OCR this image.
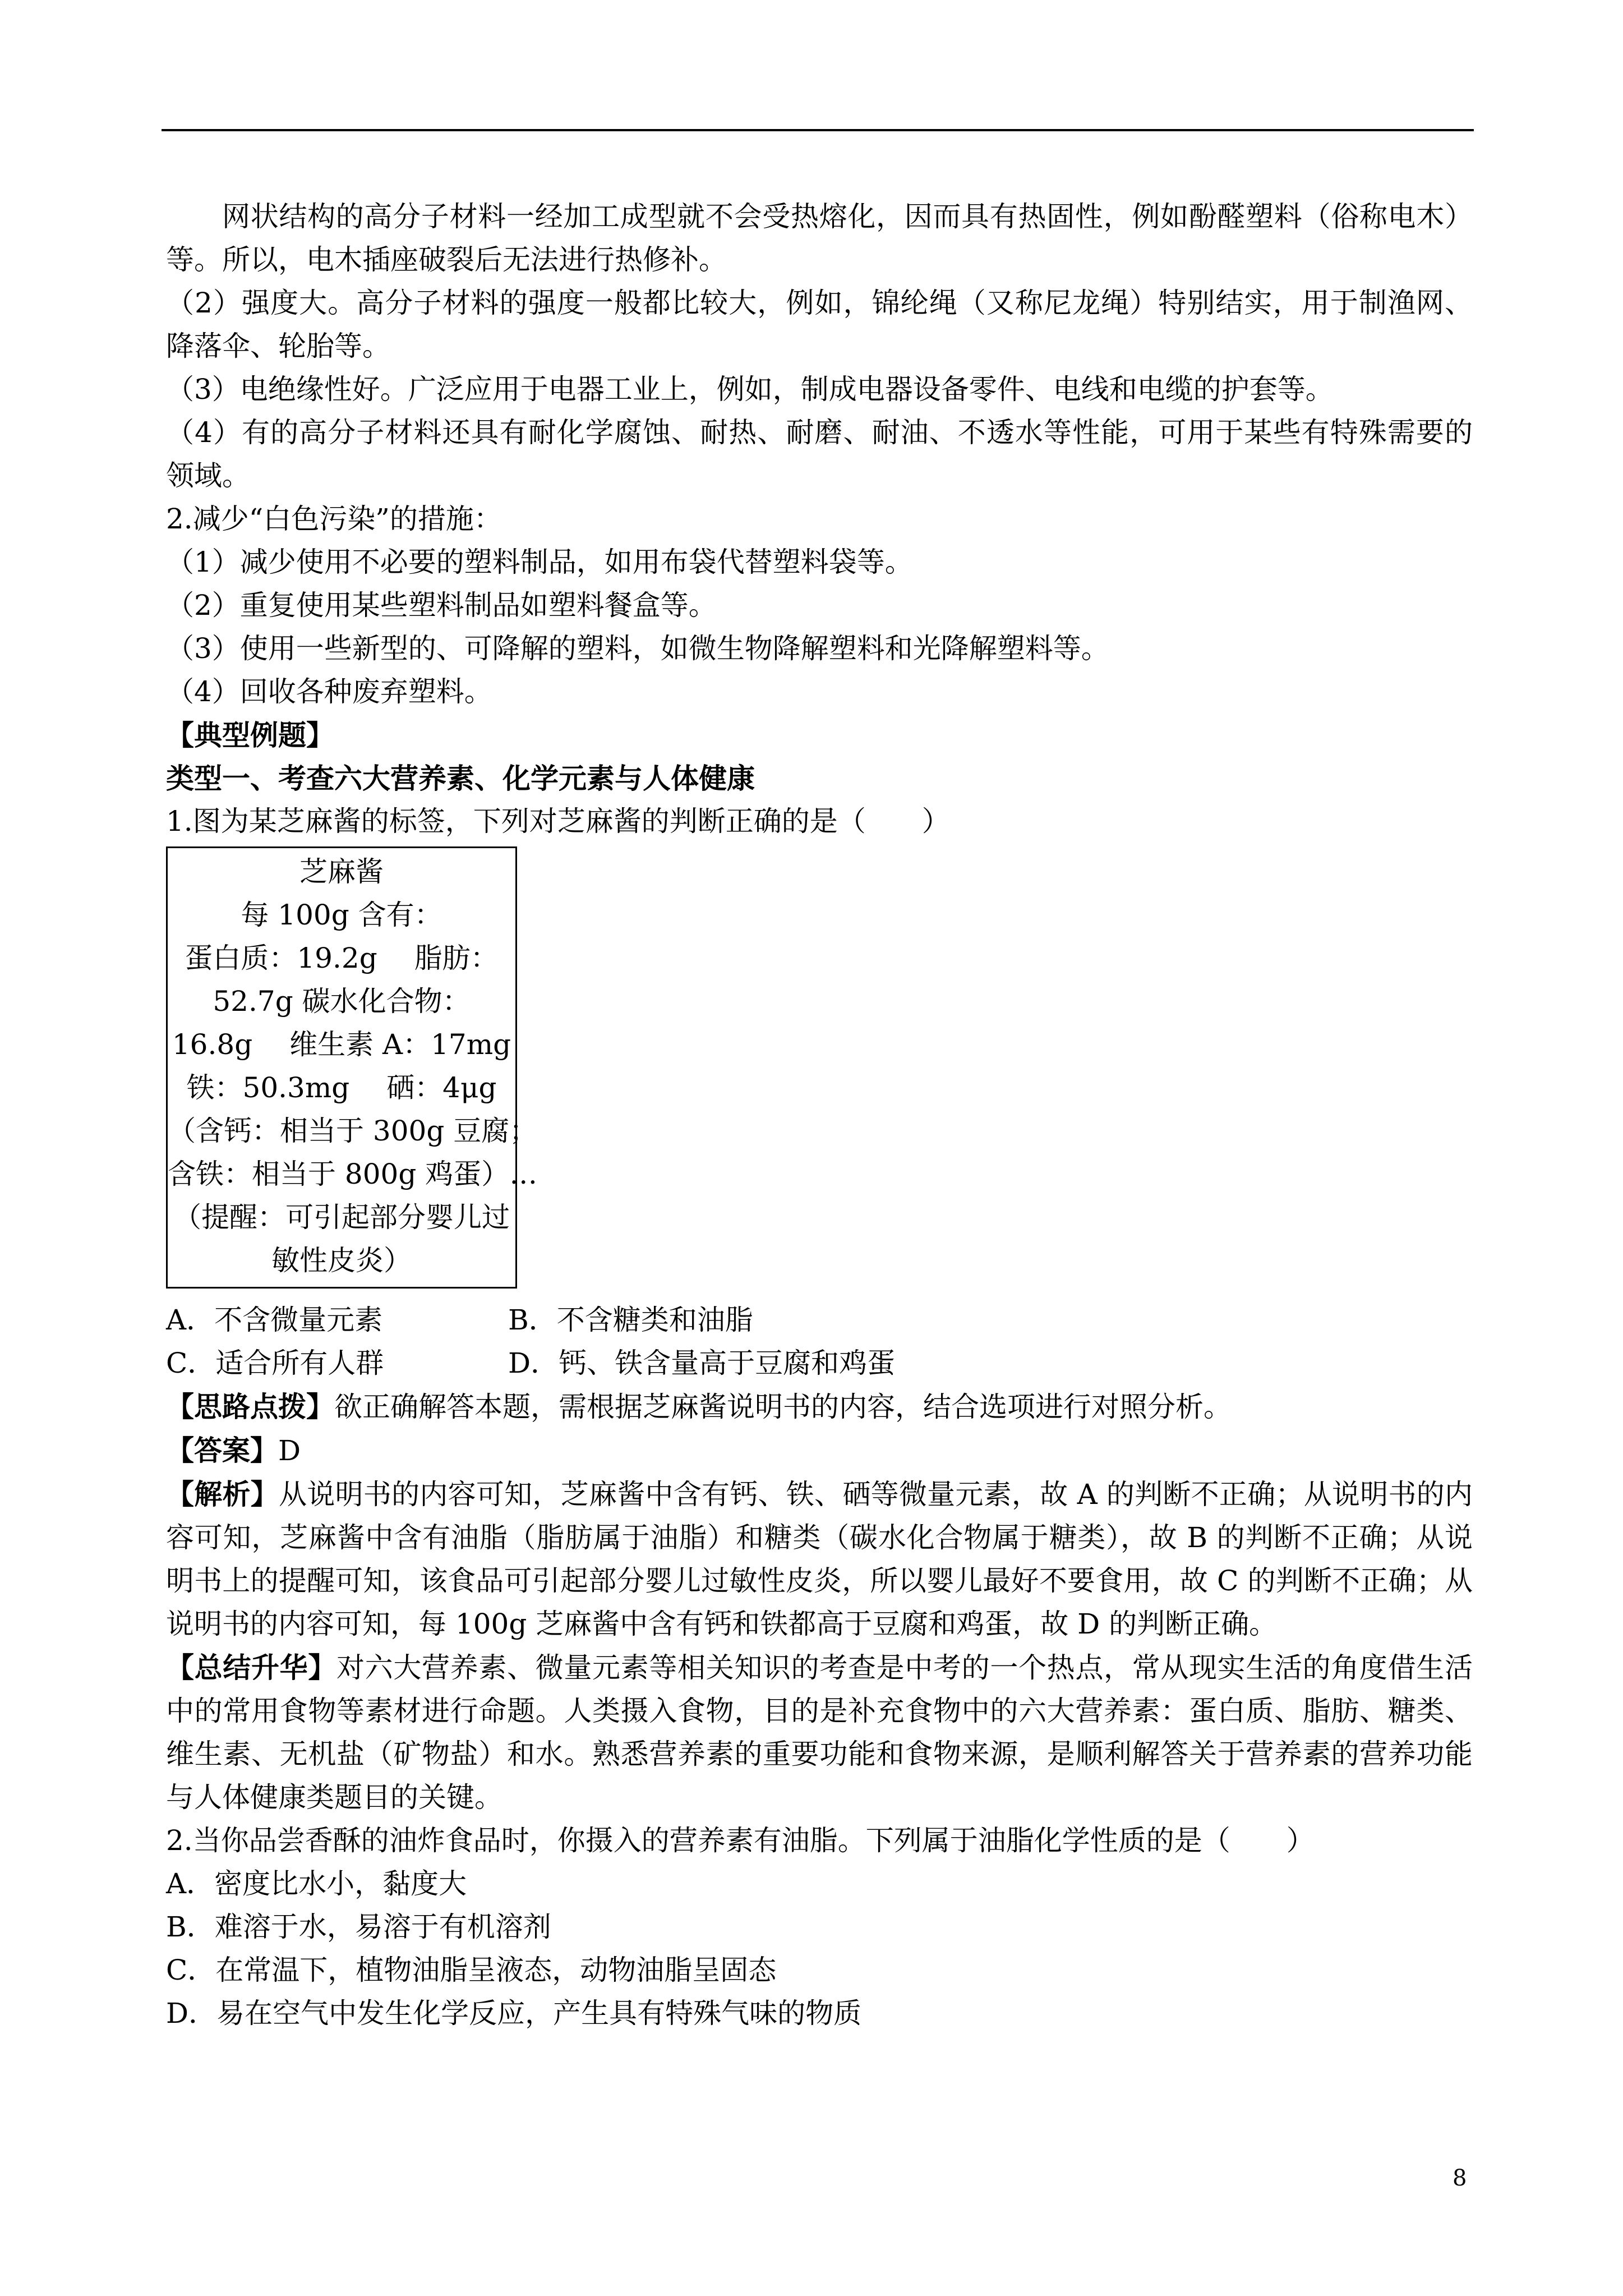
网状结构的高分子材料一经加工成型就不会受热熔化，因而具有热固性，例如酚醛塑料（俗称电木）等。所以，电木插座破裂后无法进行热修补。

（2）强度大。高分子材料的强度一般都比较大，例如，锦纶绳（又称尼龙绳）特别结实，用于制渔网、降落伞、轮胎等。

（3）电绝缘性好。广泛应用于电器工业上，例如，制成电器设备零件、电线和电缆的护套等。

（4）有的高分子材料还具有耐化学腐蚀、耐热、耐磨、耐油、不透水等性能，可用于某些有特殊需要的领域。

2.减少“白色污染”的措施：

（1）减少使用不必要的塑料制品，如用布袋代替塑料袋等。

（2）重复使用某些塑料制品如塑料餐盒等。

（3）使用一些新型的、可降解的塑料，如微生物降解塑料和光降解塑料等。

（4）回收各种废弃塑料。

【典型例题】

类型一、考查六大营养素、化学元素与人体健康

1.图为某芝麻酱的标签，下列对芝麻酱的判断正确的是（　　）

芝麻酱
每 100g 含有：
蛋白质：19.2g　 脂肪：
52.7g 碳水化合物：
16.8g　 维生素 A：17mg
铁：50.3mg　 硒：4μg
（含钙：相当于 300g 豆腐；
含铁：相当于 800g 鸡蛋）…
（提醒：可引起部分婴儿过
敏性皮炎）
A．不含微量元素	B．不含糖类和油脂
C．适合所有人群	D．钙、铁含量高于豆腐和鸡蛋

【思路点拨】欲正确解答本题，需根据芝麻酱说明书的内容，结合选项进行对照分析。

【答案】D

【解析】从说明书的内容可知，芝麻酱中含有钙、铁、硒等微量元素，故 A 的判断不正确；从说明书的内容可知，芝麻酱中含有油脂（脂肪属于油脂）和糖类（碳水化合物属于糖类），故 B 的判断不正确；从说明书上的提醒可知，该食品可引起部分婴儿过敏性皮炎，所以婴儿最好不要食用，故 C 的判断不正确；从说明书的内容可知，每 100g 芝麻酱中含有钙和铁都高于豆腐和鸡蛋，故 D 的判断正确。

【总结升华】对六大营养素、微量元素等相关知识的考查是中考的一个热点，常从现实生活的角度借生活中的常用食物等素材进行命题。人类摄入食物，目的是补充食物中的六大营养素：蛋白质、脂肪、糖类、维生素、无机盐（矿物盐）和水。熟悉营养素的重要功能和食物来源，是顺利解答关于营养素的营养功能与人体健康类题目的关键。

2.当你品尝香酥的油炸食品时，你摄入的营养素有油脂。下列属于油脂化学性质的是（　　）

A．密度比水小，黏度大

B．难溶于水，易溶于有机溶剂

C．在常温下，植物油脂呈液态，动物油脂呈固态

D．易在空气中发生化学反应，产生具有特殊气味的物质

8
